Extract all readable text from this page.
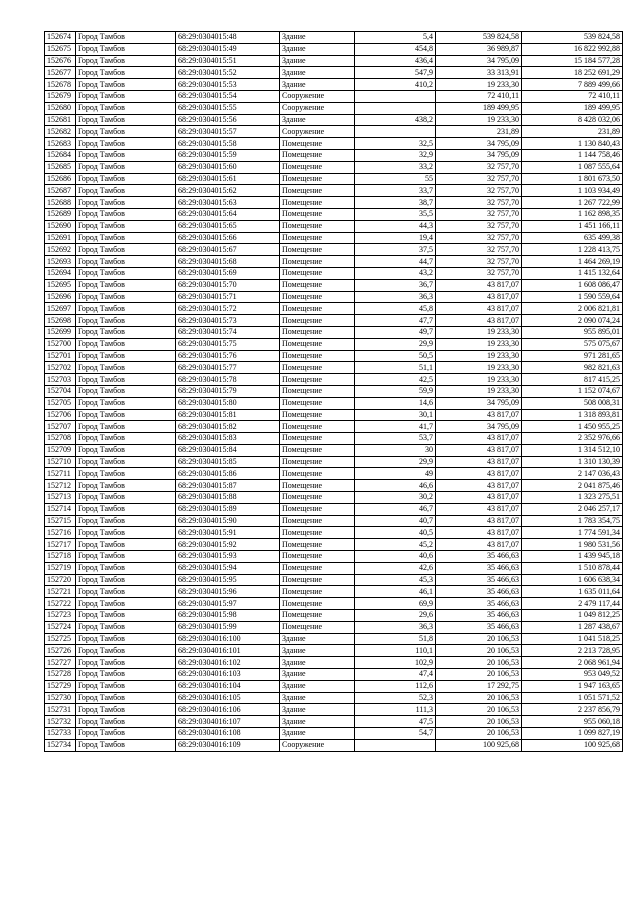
152674	Город Тамбов	68:29:0304015:48	Здание	5,4	539 824,58	539 824,58
152675	Город Тамбов	68:29:0304015:49	Здание	454,8	36 989,87	16 822 992,88
152676	Город Тамбов	68:29:0304015:51	Здание	436,4	34 795,09	15 184 577,28
152677	Город Тамбов	68:29:0304015:52	Здание	547,9	33 313,91	18 252 691,29
152678	Город Тамбов	68:29:0304015:53	Здание	410,2	19 233,30	7 889 499,66
152679	Город Тамбов	68:29:0304015:54	Сооружение		72 410,11	72 410,11
152680	Город Тамбов	68:29:0304015:55	Сооружение		189 499,95	189 499,95
152681	Город Тамбов	68:29:0304015:56	Здание	438,2	19 233,30	8 428 032,06
152682	Город Тамбов	68:29:0304015:57	Сооружение		231,89	231,89
152683	Город Тамбов	68:29:0304015:58	Помещение	32,5	34 795,09	1 130 840,43
152684	Город Тамбов	68:29:0304015:59	Помещение	32,9	34 795,09	1 144 758,46
152685	Город Тамбов	68:29:0304015:60	Помещение	33,2	32 757,70	1 087 555,64
152686	Город Тамбов	68:29:0304015:61	Помещение	55	32 757,70	1 801 673,50
152687	Город Тамбов	68:29:0304015:62	Помещение	33,7	32 757,70	1 103 934,49
152688	Город Тамбов	68:29:0304015:63	Помещение	38,7	32 757,70	1 267 722,99
152689	Город Тамбов	68:29:0304015:64	Помещение	35,5	32 757,70	1 162 898,35
152690	Город Тамбов	68:29:0304015:65	Помещение	44,3	32 757,70	1 451 166,11
152691	Город Тамбов	68:29:0304015:66	Помещение	19,4	32 757,70	635 499,38
152692	Город Тамбов	68:29:0304015:67	Помещение	37,5	32 757,70	1 228 413,75
152693	Город Тамбов	68:29:0304015:68	Помещение	44,7	32 757,70	1 464 269,19
152694	Город Тамбов	68:29:0304015:69	Помещение	43,2	32 757,70	1 415 132,64
152695	Город Тамбов	68:29:0304015:70	Помещение	36,7	43 817,07	1 608 086,47
152696	Город Тамбов	68:29:0304015:71	Помещение	36,3	43 817,07	1 590 559,64
152697	Город Тамбов	68:29:0304015:72	Помещение	45,8	43 817,07	2 006 821,81
152698	Город Тамбов	68:29:0304015:73	Помещение	47,7	43 817,07	2 090 074,24
152699	Город Тамбов	68:29:0304015:74	Помещение	49,7	19 233,30	955 895,01
152700	Город Тамбов	68:29:0304015:75	Помещение	29,9	19 233,30	575 075,67
152701	Город Тамбов	68:29:0304015:76	Помещение	50,5	19 233,30	971 281,65
152702	Город Тамбов	68:29:0304015:77	Помещение	51,1	19 233,30	982 821,63
152703	Город Тамбов	68:29:0304015:78	Помещение	42,5	19 233,30	817 415,25
152704	Город Тамбов	68:29:0304015:79	Помещение	59,9	19 233,30	1 152 074,67
152705	Город Тамбов	68:29:0304015:80	Помещение	14,6	34 795,09	508 008,31
152706	Город Тамбов	68:29:0304015:81	Помещение	30,1	43 817,07	1 318 893,81
152707	Город Тамбов	68:29:0304015:82	Помещение	41,7	34 795,09	1 450 955,25
152708	Город Тамбов	68:29:0304015:83	Помещение	53,7	43 817,07	2 352 976,66
152709	Город Тамбов	68:29:0304015:84	Помещение	30	43 817,07	1 314 512,10
152710	Город Тамбов	68:29:0304015:85	Помещение	29,9	43 817,07	1 310 130,39
152711	Город Тамбов	68:29:0304015:86	Помещение	49	43 817,07	2 147 036,43
152712	Город Тамбов	68:29:0304015:87	Помещение	46,6	43 817,07	2 041 875,46
152713	Город Тамбов	68:29:0304015:88	Помещение	30,2	43 817,07	1 323 275,51
152714	Город Тамбов	68:29:0304015:89	Помещение	46,7	43 817,07	2 046 257,17
152715	Город Тамбов	68:29:0304015:90	Помещение	40,7	43 817,07	1 783 354,75
152716	Город Тамбов	68:29:0304015:91	Помещение	40,5	43 817,07	1 774 591,34
152717	Город Тамбов	68:29:0304015:92	Помещение	45,2	43 817,07	1 980 531,56
152718	Город Тамбов	68:29:0304015:93	Помещение	40,6	35 466,63	1 439 945,18
152719	Город Тамбов	68:29:0304015:94	Помещение	42,6	35 466,63	1 510 878,44
152720	Город Тамбов	68:29:0304015:95	Помещение	45,3	35 466,63	1 606 638,34
152721	Город Тамбов	68:29:0304015:96	Помещение	46,1	35 466,63	1 635 011,64
152722	Город Тамбов	68:29:0304015:97	Помещение	69,9	35 466,63	2 479 117,44
152723	Город Тамбов	68:29:0304015:98	Помещение	29,6	35 466,63	1 049 812,25
152724	Город Тамбов	68:29:0304015:99	Помещение	36,3	35 466,63	1 287 438,67
152725	Город Тамбов	68:29:0304016:100	Здание	51,8	20 106,53	1 041 518,25
152726	Город Тамбов	68:29:0304016:101	Здание	110,1	20 106,53	2 213 728,95
152727	Город Тамбов	68:29:0304016:102	Здание	102,9	20 106,53	2 068 961,94
152728	Город Тамбов	68:29:0304016:103	Здание	47,4	20 106,53	953 049,52
152729	Город Тамбов	68:29:0304016:104	Здание	112,6	17 292,75	1 947 163,65
152730	Город Тамбов	68:29:0304016:105	Здание	52,3	20 106,53	1 051 571,52
152731	Город Тамбов	68:29:0304016:106	Здание	111,3	20 106,53	2 237 856,79
152732	Город Тамбов	68:29:0304016:107	Здание	47,5	20 106,53	955 060,18
152733	Город Тамбов	68:29:0304016:108	Здание	54,7	20 106,53	1 099 827,19
152734	Город Тамбов	68:29:0304016:109	Сооружение		100 925,68	100 925,68
